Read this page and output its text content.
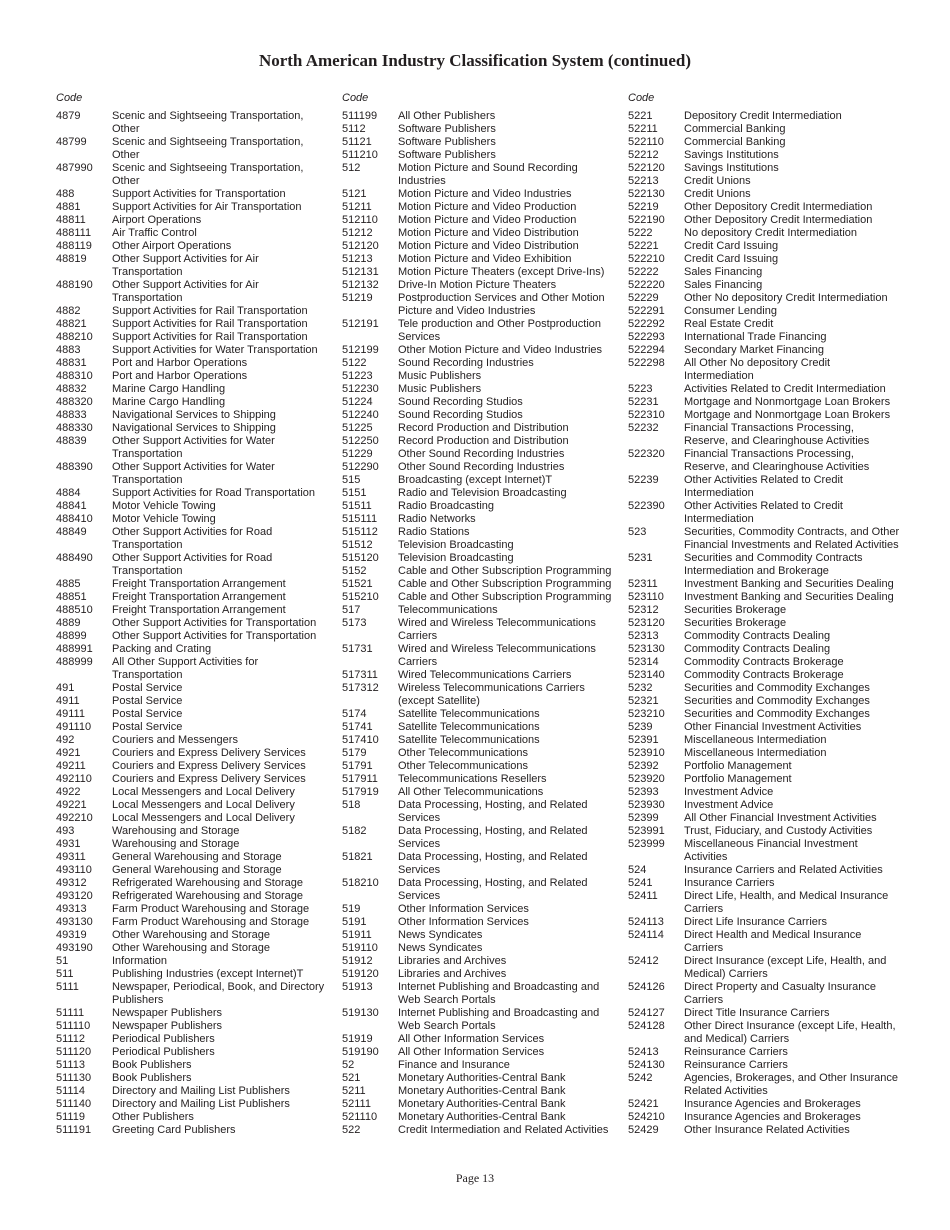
North American Industry Classification System (continued)
Code
4879	Scenic and Sightseeing Transportation, Other
48799	Scenic and Sightseeing Transportation, Other
487990	Scenic and Sightseeing Transportation, Other
488	Support Activities for Transportation
4881	Support Activities for Air Transportation
48811	Airport Operations
488111	Air Traffic Control
488119	Other Airport Operations
48819	Other Support Activities for Air Transportation
488190	Other Support Activities for Air Transportation
4882	Support Activities for Rail Transportation
48821	Support Activities for Rail Transportation
488210	Support Activities for Rail Transportation
4883	Support Activities for Water Transportation
48831	Port and Harbor Operations
488310	Port and Harbor Operations
48832	Marine Cargo Handling
488320	Marine Cargo Handling
48833	Navigational Services to Shipping
488330	Navigational Services to Shipping
48839	Other Support Activities for Water Transportation
488390	Other Support Activities for Water Transportation
4884	Support Activities for Road Transportation
48841	Motor Vehicle Towing
488410	Motor Vehicle Towing
48849	Other Support Activities for Road Transportation
488490	Other Support Activities for Road Transportation
4885	Freight Transportation Arrangement
48851	Freight Transportation Arrangement
488510	Freight Transportation Arrangement
4889	Other Support Activities for Transportation
48899	Other Support Activities for Transportation
488991	Packing and Crating
488999	All Other Support Activities for Transportation
491	Postal Service
4911	Postal Service
49111	Postal Service
491110	Postal Service
492	Couriers and Messengers
4921	Couriers and Express Delivery Services
49211	Couriers and Express Delivery Services
492110	Couriers and Express Delivery Services
4922	Local Messengers and Local Delivery
49221	Local Messengers and Local Delivery
492210	Local Messengers and Local Delivery
493	Warehousing and Storage
4931	Warehousing and Storage
49311	General Warehousing and Storage
493110	General Warehousing and Storage
49312	Refrigerated Warehousing and Storage
493120	Refrigerated Warehousing and Storage
49313	Farm Product Warehousing and Storage
493130	Farm Product Warehousing and Storage
49319	Other Warehousing and Storage
493190	Other Warehousing and Storage
51	Information
511	Publishing Industries (except Internet)T
5111	Newspaper, Periodical, Book, and Directory Publishers
51111	Newspaper Publishers
511110	Newspaper Publishers
51112	Periodical Publishers
511120	Periodical Publishers
51113	Book Publishers
511130	Book Publishers
51114	Directory and Mailing List Publishers
511140	Directory and Mailing List Publishers
51119	Other Publishers
511191	Greeting Card Publishers
Code
511199	All Other Publishers
5112	Software Publishers
51121	Software Publishers
511210	Software Publishers
512	Motion Picture and Sound Recording Industries
5121	Motion Picture and Video Industries
51211	Motion Picture and Video Production
512110	Motion Picture and Video Production
51212	Motion Picture and Video Distribution
512120	Motion Picture and Video Distribution
51213	Motion Picture and Video Exhibition
512131	Motion Picture Theaters (except Drive-Ins)
512132	Drive-In Motion Picture Theaters
51219	Postproduction Services and Other Motion Picture and Video Industries
512191	Tele production and Other Postproduction Services
512199	Other Motion Picture and Video Industries
5122	Sound Recording Industries
51223	Music Publishers
512230	Music Publishers
51224	Sound Recording Studios
512240	Sound Recording Studios
51225	Record Production and Distribution
512250	Record Production and Distribution
51229	Other Sound Recording Industries
512290	Other Sound Recording Industries
515	Broadcasting (except Internet)T
5151	Radio and Television Broadcasting
51511	Radio Broadcasting
515111	Radio Networks
515112	Radio Stations
51512	Television Broadcasting
515120	Television Broadcasting
5152	Cable and Other Subscription Programming
51521	Cable and Other Subscription Programming
515210	Cable and Other Subscription Programming
517	Telecommunications
5173	Wired and Wireless Telecommunications Carriers
51731	Wired and Wireless Telecommunications Carriers
517311	Wired Telecommunications Carriers
517312	Wireless Telecommunications Carriers (except Satellite)
5174	Satellite Telecommunications
51741	Satellite Telecommunications
517410	Satellite Telecommunications
5179	Other Telecommunications
51791	Other Telecommunications
517911	Telecommunications Resellers
517919	All Other Telecommunications
518	Data Processing, Hosting, and Related Services
5182	Data Processing, Hosting, and Related Services
51821	Data Processing, Hosting, and Related Services
518210	Data Processing, Hosting, and Related Services
519	Other Information Services
5191	Other Information Services
51911	News Syndicates
519110	News Syndicates
51912	Libraries and Archives
519120	Libraries and Archives
51913	Internet Publishing and Broadcasting and Web Search Portals
519130	Internet Publishing and Broadcasting and Web Search Portals
51919	All Other Information Services
519190	All Other Information Services
52	Finance and Insurance
521	Monetary Authorities-Central Bank
5211	Monetary Authorities-Central Bank
52111	Monetary Authorities-Central Bank
521110	Monetary Authorities-Central Bank
522	Credit Intermediation and Related Activities
Code
5221	Depository Credit Intermediation
52211	Commercial Banking
522110	Commercial Banking
52212	Savings Institutions
522120	Savings Institutions
52213	Credit Unions
522130	Credit Unions
52219	Other Depository Credit Intermediation
522190	Other Depository Credit Intermediation
5222	No depository Credit Intermediation
52221	Credit Card Issuing
522210	Credit Card Issuing
52222	Sales Financing
522220	Sales Financing
52229	Other No depository Credit Intermediation
522291	Consumer Lending
522292	Real Estate Credit
522293	International Trade Financing
522294	Secondary Market Financing
522298	All Other No depository Credit Intermediation
5223	Activities Related to Credit Intermediation
52231	Mortgage and Nonmortgage Loan Brokers
522310	Mortgage and Nonmortgage Loan Brokers
52232	Financial Transactions Processing, Reserve, and Clearinghouse Activities
522320	Financial Transactions Processing, Reserve, and Clearinghouse Activities
52239	Other Activities Related to Credit Intermediation
522390	Other Activities Related to Credit Intermediation
523	Securities, Commodity Contracts, and Other Financial Investments and Related Activities
5231	Securities and Commodity Contracts Intermediation and Brokerage
52311	Investment Banking and Securities Dealing
523110	Investment Banking and Securities Dealing
52312	Securities Brokerage
523120	Securities Brokerage
52313	Commodity Contracts Dealing
523130	Commodity Contracts Dealing
52314	Commodity Contracts Brokerage
523140	Commodity Contracts Brokerage
5232	Securities and Commodity Exchanges
52321	Securities and Commodity Exchanges
523210	Securities and Commodity Exchanges
5239	Other Financial Investment Activities
52391	Miscellaneous Intermediation
523910	Miscellaneous Intermediation
52392	Portfolio Management
523920	Portfolio Management
52393	Investment Advice
523930	Investment Advice
52399	All Other Financial Investment Activities
523991	Trust, Fiduciary, and Custody Activities
523999	Miscellaneous Financial Investment Activities
524	Insurance Carriers and Related Activities
5241	Insurance Carriers
52411	Direct Life, Health, and Medical Insurance Carriers
524113	Direct Life Insurance Carriers
524114	Direct Health and Medical Insurance Carriers
52412	Direct Insurance (except Life, Health, and Medical) Carriers
524126	Direct Property and Casualty Insurance Carriers
524127	Direct Title Insurance Carriers
524128	Other Direct Insurance (except Life, Health, and Medical) Carriers
52413	Reinsurance Carriers
524130	Reinsurance Carriers
5242	Agencies, Brokerages, and Other Insurance Related Activities
52421	Insurance Agencies and Brokerages
524210	Insurance Agencies and Brokerages
52429	Other Insurance Related Activities
Page 13
